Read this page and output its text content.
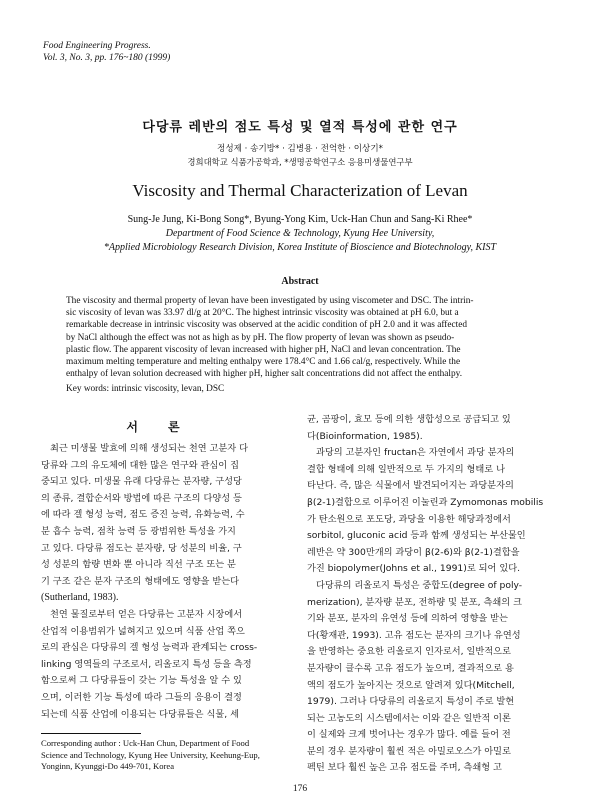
Food Engineering Progress.
Vol. 3, No. 3, pp. 176~180 (1999)
다당류 레반의 점도 특성 및 열적 특성에 관한 연구
정성제 · 송기방* · 김병용 · 전억한 · 이상기*
경희대학교 식품가공학과, *생명공학연구소 응용미생물연구부
Viscosity and Thermal Characterization of Levan
Sung-Je Jung, Ki-Bong Song*, Byung-Yong Kim, Uck-Han Chun and Sang-Ki Rhee*
Department of Food Science & Technology, Kyung Hee University,
*Applied Microbiology Research Division, Korea Institute of Bioscience and Biotechnology, KIST
Abstract
The viscosity and thermal property of levan have been investigated by using viscometer and DSC. The intrin-
sic viscosity of levan was 33.97 dl/g at 20°C. The highest intrinsic viscosity was obtained at pH 6.0, but a
remarkable decrease in intrinsic viscosity was observed at the acidic condition of pH 2.0 and it was affected
by NaCl although the effect was not as high as by pH. The flow property of levan was shown as pseudo-
plastic flow. The apparent viscosity of levan increased with higher pH, NaCl and levan concentration. The
maximum melting temperature and melting enthalpy were 178.4°C and 1.66 cal/g, respectively. While the
enthalpy of levan solution decreased with higher pH, higher salt concentrations did not affect the enthalpy.
Key words: intrinsic viscosity, levan, DSC
서론
최근 미생물 발효에 의해 생성되는 천연 고분자 다
당류와 그의 유도체에 대한 많은 연구와 관심이 집
중되고 있다. 미생물 유래 다당류는 분자량, 구성당
의 종류, 결합순서와 방법에 따른 구조의 다양성 등
에 따라 겔 형성 능력, 점도 증진 능력, 유화능력, 수
분 흡수 능력, 점착 능력 등 광범위한 특성을 가지
고 있다. 다당류 점도는 분자량, 당 성분의 비율, 구
성 성분의 함량 변화 뿐 아니라 직선 구조 또는 분
기 구조 같은 분자 구조의 형태에도 영향을 받는다
(Sutherland, 1983).
천연 물질로부터 얻은 다당류는 고분자 시장에서
산업적 이용범위가 넓혀지고 있으며 식품 산업 쪽으
로의 관심은 다당류의 겔 형성 능력과 관계되는 cross-
linking 영역들의 구조로서, 리올로지 특성 등을 측정
함으로써 그 다당류들이 갖는 기능 특성을 알 수 있
으며, 이러한 기능 특성에 따라 그들의 응용이 결정
되는데 식품 산업에 이용되는 다당류들은 식물, 세
Corresponding author : Uck-Han Chun, Department of Food
Science and Technology, Kyung Hee University, Keehung-Eup,
Yonginn, Kyunggi-Do 449-701, Korea
균, 곰팡이, 효모 등에 의한 생합성으로 공급되고 있
다(Bioinformation, 1985).
과당의 고분자인 fructan은 자연에서 과당 분자의
결합 형태에 의해 일반적으로 두 가지의 형태로 나
타난다. 즉, 많은 식물에서 발견되어지는 과당분자의
β(2-1)결합으로 이루어진 이눌린과 Zymomonas mobilis
가 탄소원으로 포도당, 과당을 이용한 해당과정에서
sorbitol, gluconic acid 등과 함께 생성되는 부산물인
레반은 약 300만개의 과당이 β(2-6)와 β(2-1)결합을
가진 biopolymer(Johns et al., 1991)로 되어 있다.
다당류의 리올로지 특성은 중합도(degree of poly-
merization), 분자량 분포, 전하량 및 분포, 측쇄의 크
기와 분포, 분자의 유연성 등에 의하여 영향을 받는
다(황재관, 1993). 고유 점도는 분자의 크기나 유연성
을 반영하는 중요한 리올로지 인자로서, 일반적으로
분자량이 클수록 고유 점도가 높으며, 결과적으로 용
액의 점도가 높아지는 것으로 알려져 있다(Mitchell,
1979). 그러나 다당류의 리올로지 특성이 주로 발현
되는 고농도의 시스템에서는 이와 같은 일반적 이론
이 실제와 크게 벗어나는 경우가 많다. 예를 들어 전
분의 경우 분자량이 훨씬 적은 아밀로오스가 아밀로
펙틴 보다 훨씬 높은 고유 점도를 주며, 측쇄형 고
176
